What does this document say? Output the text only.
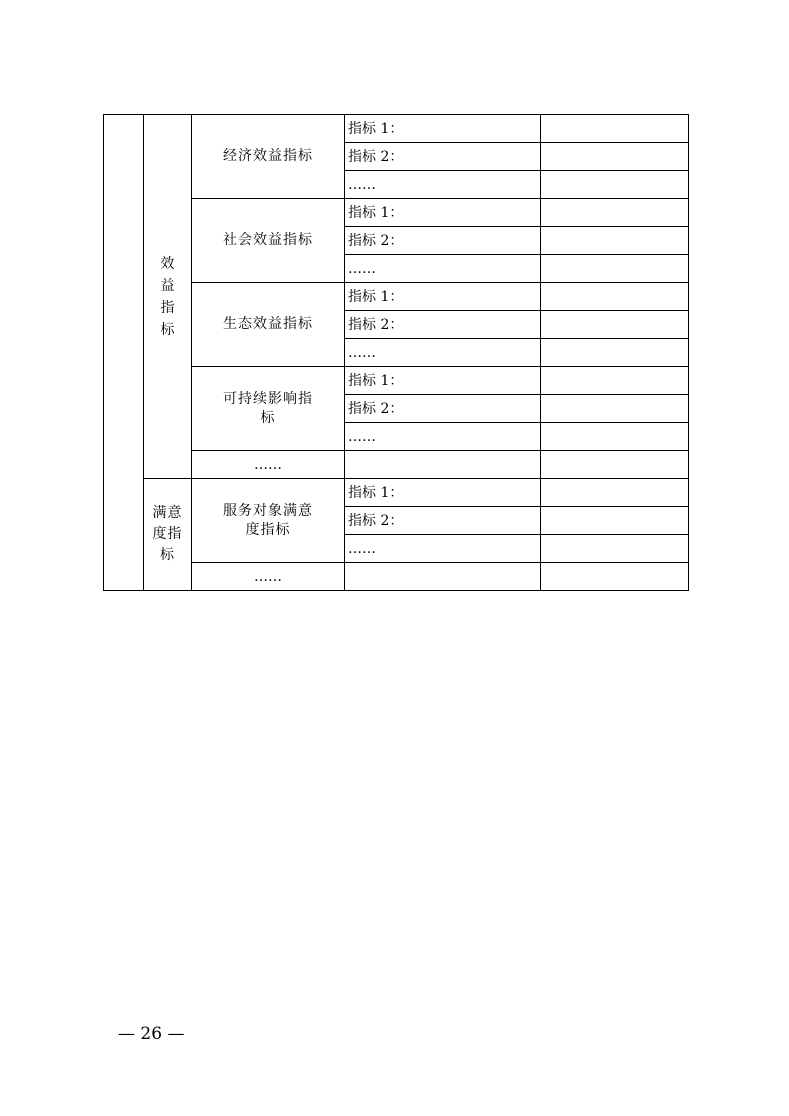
	效益指标	经济效益指标	指标 1：	
			指标 2：	
			……	
		社会效益指标	指标 1：	
			指标 2：	
			……	
		生态效益指标	指标 1：	
			指标 2：	
			……	
		可持续影响指标	指标 1：	
			指标 2：	
			……	
		……		
	满意度指标	服务对象满意度指标	指标 1：	
			指标 2：	
			……	
		……		
— 26 —
